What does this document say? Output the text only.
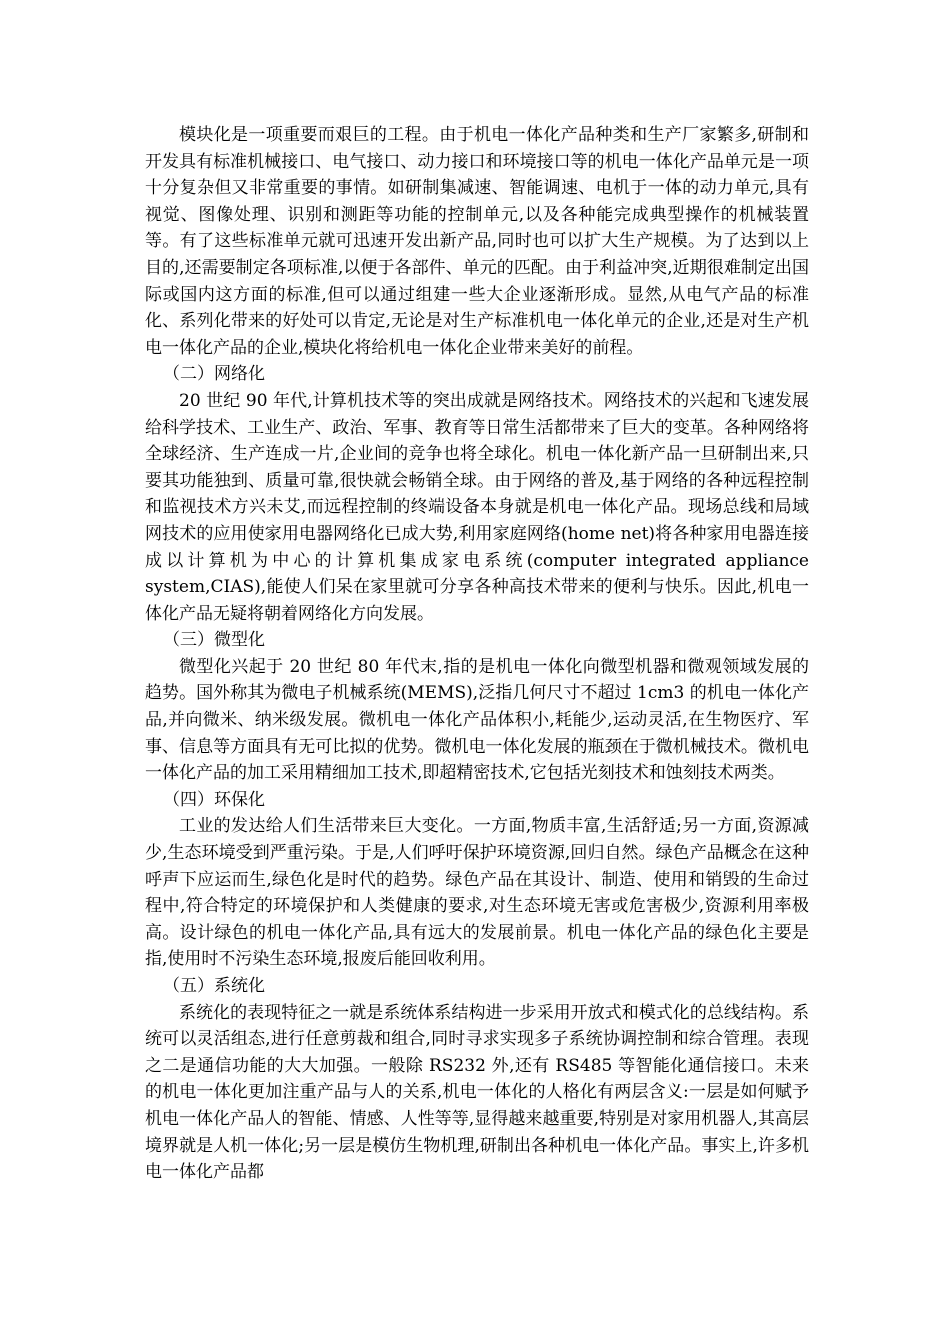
模块化是一项重要而艰巨的工程。由于机电一体化产品种类和生产厂家繁多,研制和开发具有标准机械接口、电气接口、动力接口和环境接口等的机电一体化产品单元是一项十分复杂但又非常重要的事情。如研制集减速、智能调速、电机于一体的动力单元,具有视觉、图像处理、识别和测距等功能的控制单元,以及各种能完成典型操作的机械装置等。有了这些标准单元就可迅速开发出新产品,同时也可以扩大生产规模。为了达到以上目的,还需要制定各项标准,以便于各部件、单元的匹配。由于利益冲突,近期很难制定出国际或国内这方面的标准,但可以通过组建一些大企业逐渐形成。显然,从电气产品的标准化、系列化带来的好处可以肯定,无论是对生产标准机电一体化单元的企业,还是对生产机电一体化产品的企业,模块化将给机电一体化企业带来美好的前程。

（二）网络化

20 世纪 90 年代,计算机技术等的突出成就是网络技术。网络技术的兴起和飞速发展给科学技术、工业生产、政治、军事、教育等日常生活都带来了巨大的变革。各种网络将全球经济、生产连成一片,企业间的竞争也将全球化。机电一体化新产品一旦研制出来,只要其功能独到、质量可靠,很快就会畅销全球。由于网络的普及,基于网络的各种远程控制和监视技术方兴未艾,而远程控制的终端设备本身就是机电一体化产品。现场总线和局域网技术的应用使家用电器网络化已成大势,利用家庭网络(home net)将各种家用电器连接成以计算机为中心的计算机集成家电系统(computer integrated appliance system,CIAS),能使人们呆在家里就可分享各种高技术带来的便利与快乐。因此,机电一体化产品无疑将朝着网络化方向发展。

（三）微型化

微型化兴起于 20 世纪 80 年代末,指的是机电一体化向微型机器和微观领域发展的趋势。国外称其为微电子机械系统(MEMS),泛指几何尺寸不超过 1cm3 的机电一体化产品,并向微米、纳米级发展。微机电一体化产品体积小,耗能少,运动灵活,在生物医疗、军事、信息等方面具有无可比拟的优势。微机电一体化发展的瓶颈在于微机械技术。微机电一体化产品的加工采用精细加工技术,即超精密技术,它包括光刻技术和蚀刻技术两类。

（四）环保化

工业的发达给人们生活带来巨大变化。一方面,物质丰富,生活舒适;另一方面,资源减少,生态环境受到严重污染。于是,人们呼吁保护环境资源,回归自然。绿色产品概念在这种呼声下应运而生,绿色化是时代的趋势。绿色产品在其设计、制造、使用和销毁的生命过程中,符合特定的环境保护和人类健康的要求,对生态环境无害或危害极少,资源利用率极高。设计绿色的机电一体化产品,具有远大的发展前景。机电一体化产品的绿色化主要是指,使用时不污染生态环境,报废后能回收利用。

（五）系统化

系统化的表现特征之一就是系统体系结构进一步采用开放式和模式化的总线结构。系统可以灵活组态,进行任意剪裁和组合,同时寻求实现多子系统协调控制和综合管理。表现之二是通信功能的大大加强。一般除 RS232 外,还有 RS485 等智能化通信接口。未来的机电一体化更加注重产品与人的关系,机电一体化的人格化有两层含义:一层是如何赋予机电一体化产品人的智能、情感、人性等等,显得越来越重要,特别是对家用机器人,其高层境界就是人机一体化;另一层是模仿生物机理,研制出各种机电一体化产品。事实上,许多机电一体化产品都
